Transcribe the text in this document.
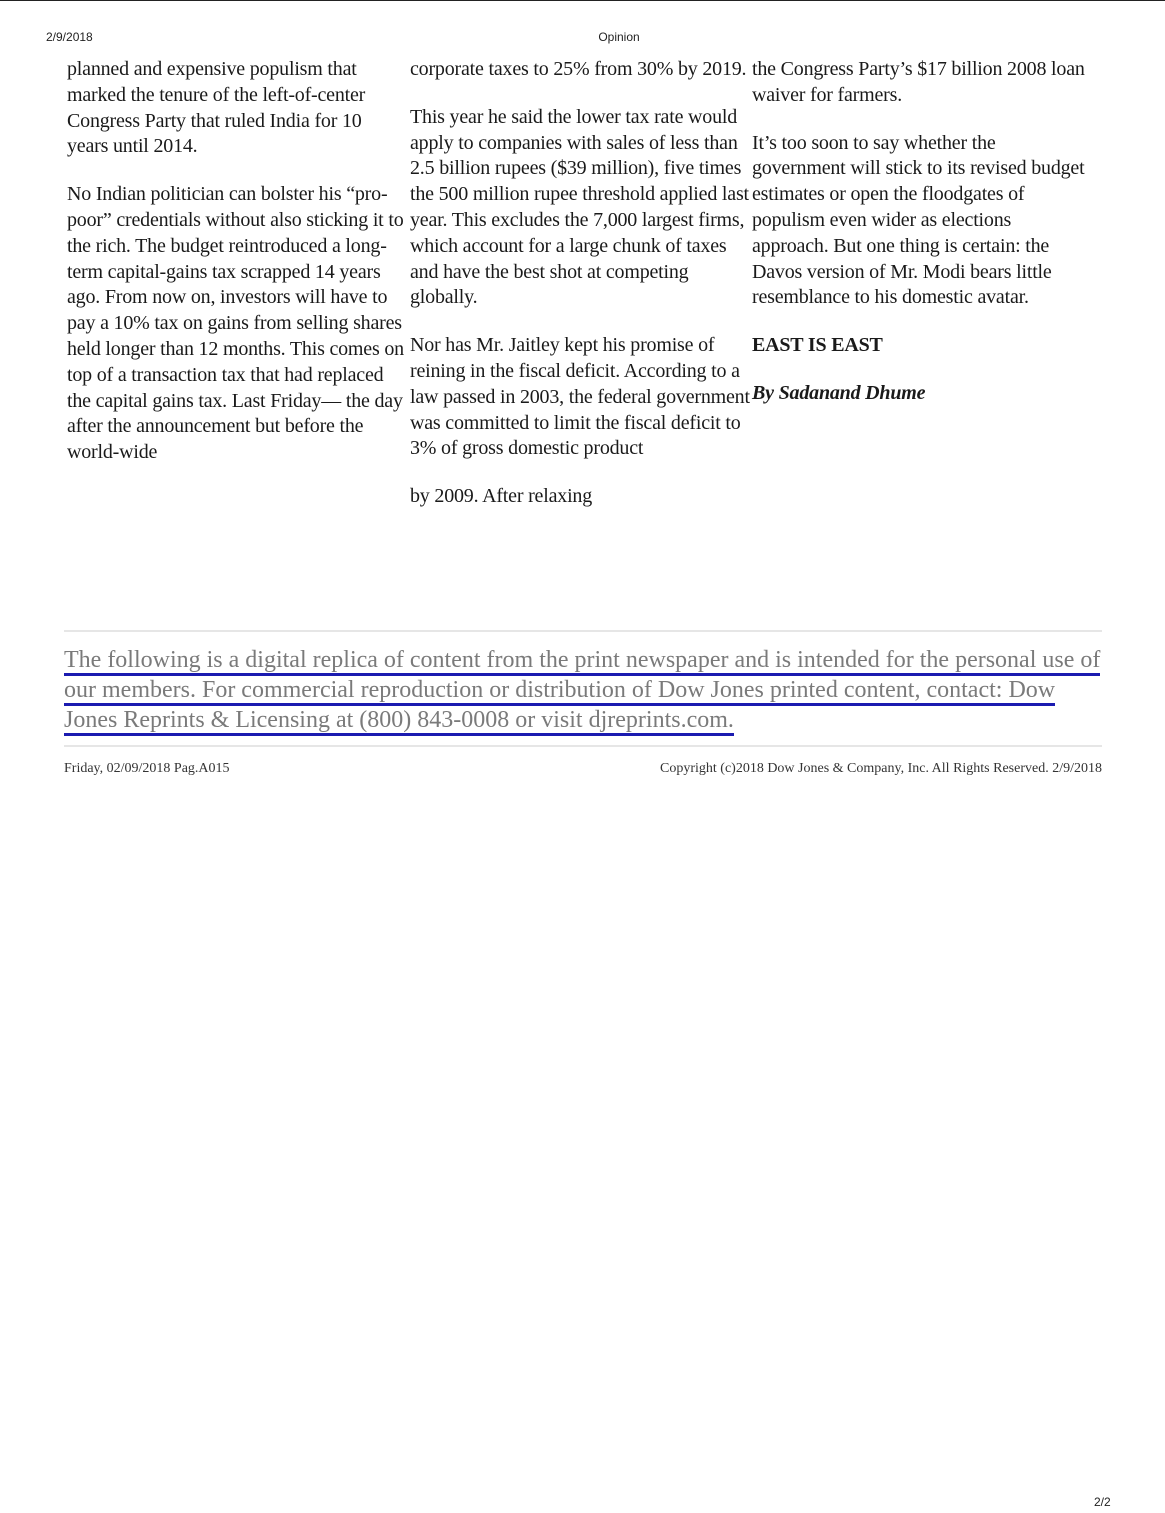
2/9/2018	Opinion

planned and expensive populism that marked the tenure of the left-of-center Congress Party that ruled India for 10 years until 2014.

No Indian politician can bolster his “pro-poor” credentials without also sticking it to the rich. The budget reintroduced a long-term capital-gains tax scrapped 14 years ago. From now on, investors will have to pay a 10% tax on gains from selling shares held longer than 12 months. This comes on top of a transaction tax that had replaced the capital gains tax. Last Friday— the day after the announcement but before the world-wide

corporate taxes to 25% from 30% by 2019.

This year he said the lower tax rate would apply to companies with sales of less than 2.5 billion rupees ($39 million), five times the 500 million rupee threshold applied last year. This excludes the 7,000 largest firms, which account for a large chunk of taxes and have the best shot at competing globally.

Nor has Mr. Jaitley kept his promise of reining in the fiscal deficit. According to a law passed in 2003, the federal government was committed to limit the fiscal deficit to 3% of gross domestic product

by 2009. After relaxing

the Congress Party’s $17 billion 2008 loan waiver for farmers.

It’s too soon to say whether the government will stick to its revised budget estimates or open the floodgates of populism even wider as elections approach. But one thing is certain: the Davos version of Mr. Modi bears little resemblance to his domestic avatar.

EAST IS EAST
By Sadanand Dhume
The following is a digital replica of content from the print newspaper and is intended for the personal use of our members. For commercial reproduction or distribution of Dow Jones printed content, contact: Dow Jones Reprints & Licensing at (800) 843-0008 or visit djreprints.com.
Friday, 02/09/2018 Pag.A015	Copyright (c)2018 Dow Jones & Company, Inc. All Rights Reserved. 2/9/2018
2/2
